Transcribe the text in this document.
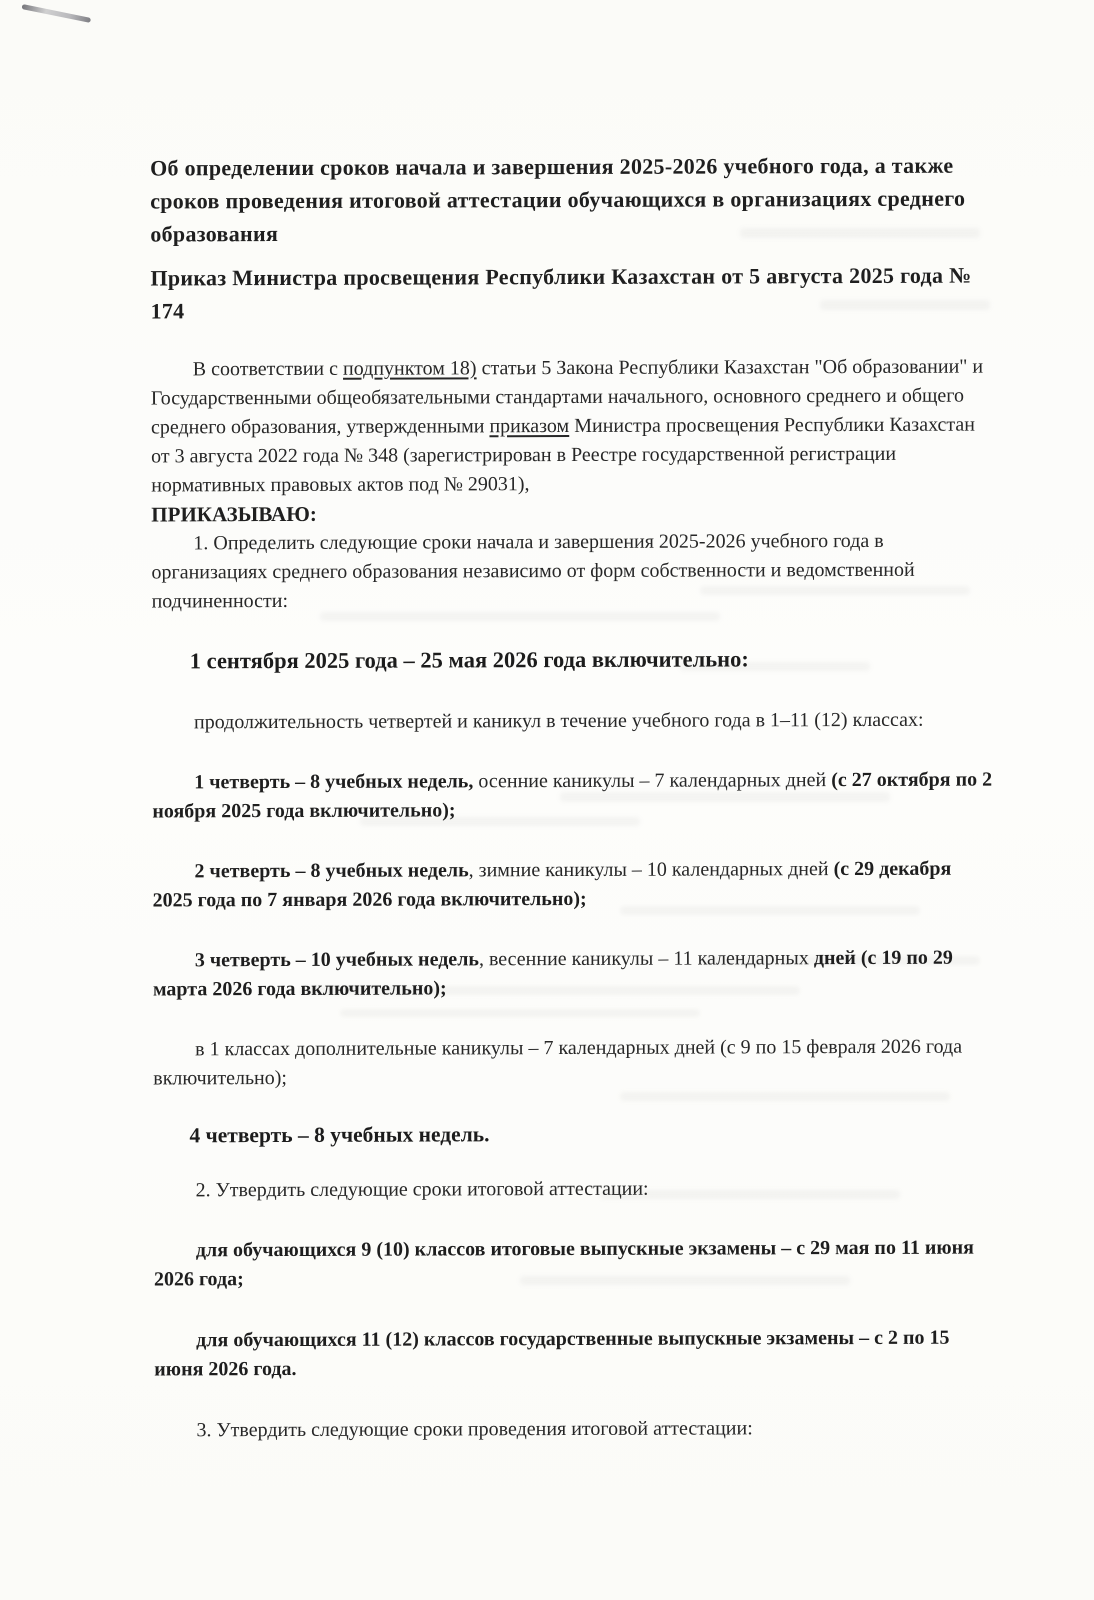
Об определении сроков начала и завершения 2025-2026 учебного года, а также сроков проведения итоговой аттестации обучающихся в организациях среднего образования
Приказ Министра просвещения Республики Казахстан от 5 августа 2025 года № 174

В соответствии с подпунктом 18) статьи 5 Закона Республики Казахстан "Об образовании" и Государственными общеобязательными стандартами начального, основного среднего и общего среднего образования, утвержденными приказом Министра просвещения Республики Казахстан от 3 августа 2022 года № 348 (зарегистрирован в Реестре государственной регистрации нормативных правовых актов под № 29031),

ПРИКАЗЫВАЮ:

1. Определить следующие сроки начала и завершения 2025-2026 учебного года в организациях среднего образования независимо от форм собственности и ведомственной подчиненности:

1 сентября 2025 года – 25 мая 2026 года включительно:

продолжительность четвертей и каникул в течение учебного года в 1–11 (12) классах:

1 четверть – 8 учебных недель, осенние каникулы – 7 календарных дней (с 27 октября по 2 ноября 2025 года включительно);

2 четверть – 8 учебных недель, зимние каникулы – 10 календарных дней (с 29 декабря 2025 года по 7 января 2026 года включительно);

3 четверть – 10 учебных недель, весенние каникулы – 11 календарных дней (с 19 по 29 марта 2026 года включительно);

в 1 классах дополнительные каникулы – 7 календарных дней (с 9 по 15 февраля 2026 года включительно);

4 четверть – 8 учебных недель.

2. Утвердить следующие сроки итоговой аттестации:

для обучающихся 9 (10) классов итоговые выпускные экзамены – с 29 мая по 11 июня 2026 года;

для обучающихся 11 (12) классов государственные выпускные экзамены – с 2 по 15 июня 2026 года.

3. Утвердить следующие сроки проведения итоговой аттестации:
